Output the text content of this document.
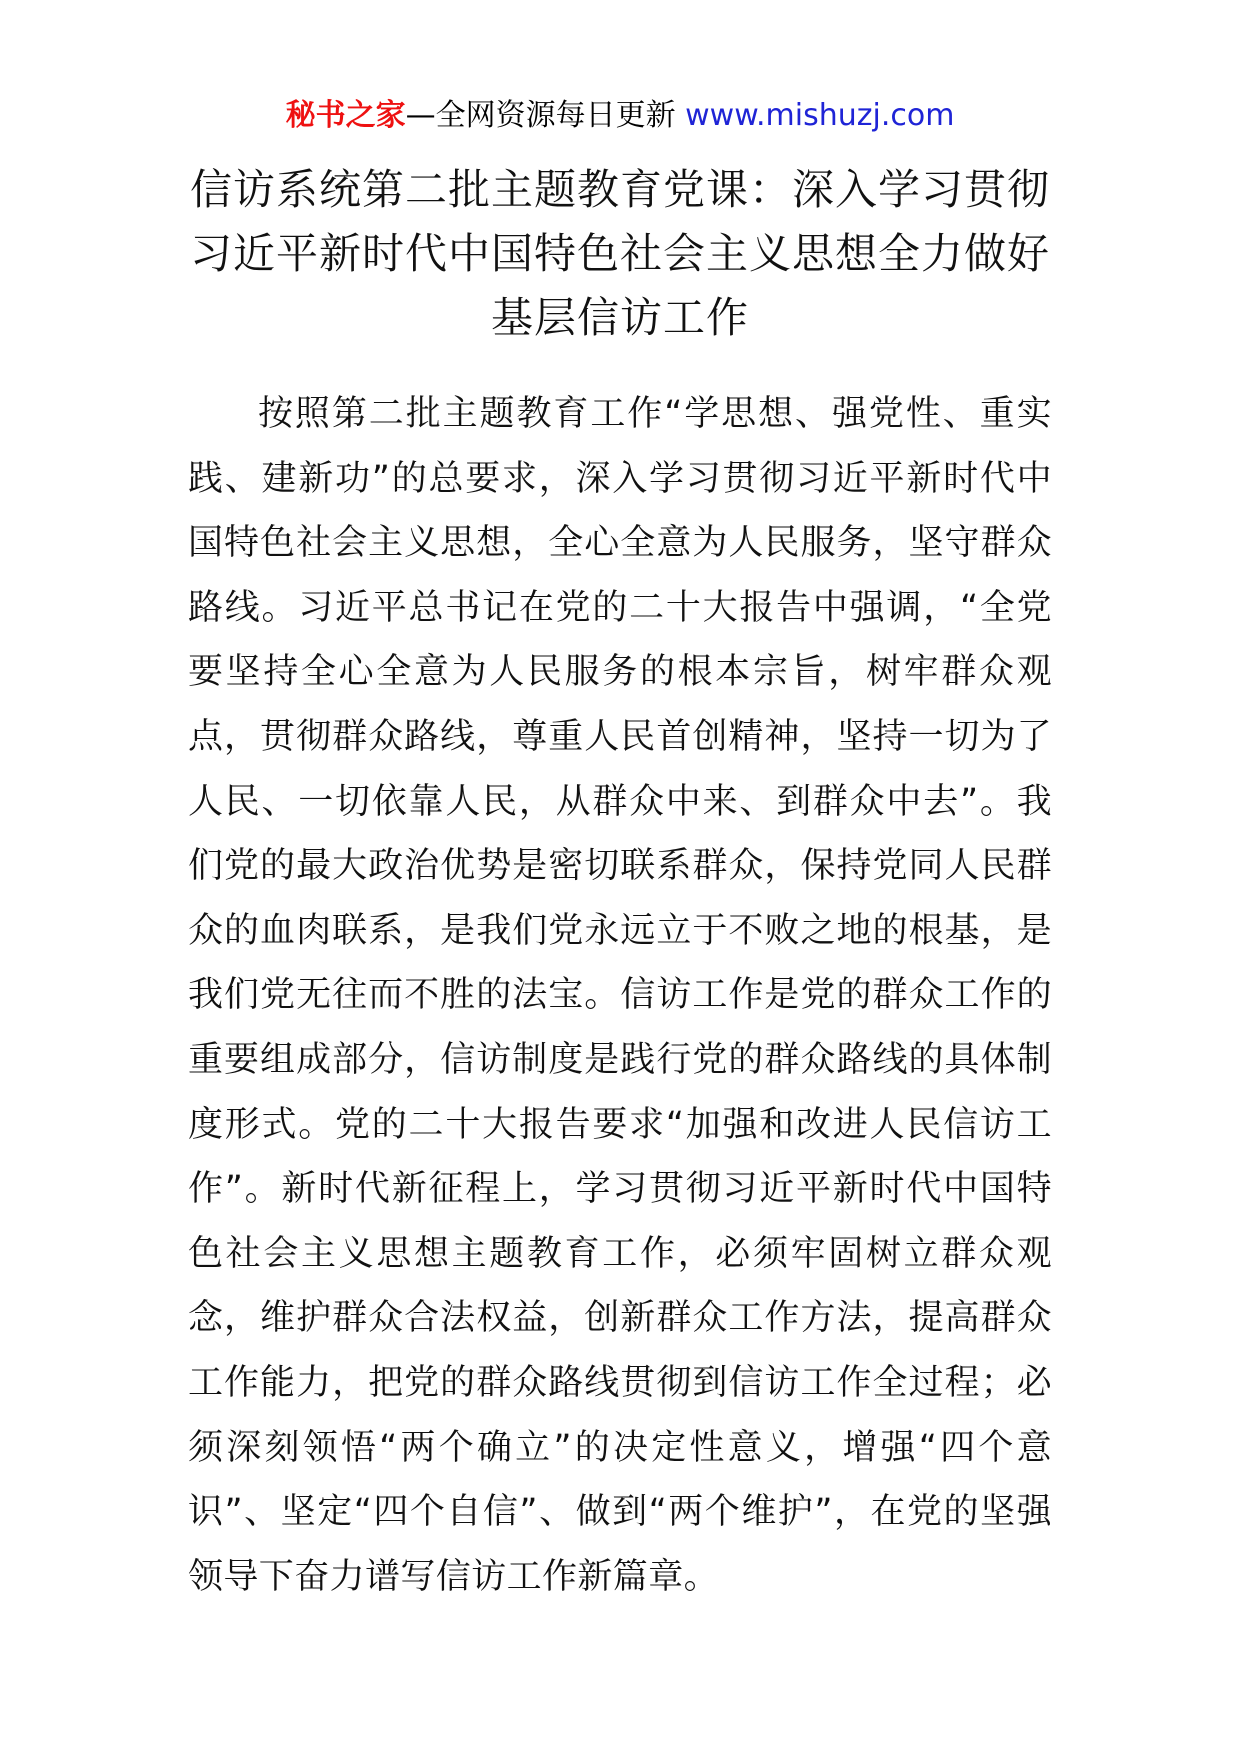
秘书之家—全网资源每日更新 www.mishuzj.com
信访系统第二批主题教育党课：深入学习贯彻习近平新时代中国特色社会主义思想全力做好基层信访工作

按照第二批主题教育工作“学思想、强党性、重实践、建新功”的总要求，深入学习贯彻习近平新时代中国特色社会主义思想，全心全意为人民服务，坚守群众路线。习近平总书记在党的二十大报告中强调，“全党要坚持全心全意为人民服务的根本宗旨，树牢群众观点，贯彻群众路线，尊重人民首创精神，坚持一切为了人民、一切依靠人民，从群众中来、到群众中去”。我们党的最大政治优势是密切联系群众，保持党同人民群众的血肉联系，是我们党永远立于不败之地的根基，是我们党无往而不胜的法宝。信访工作是党的群众工作的重要组成部分，信访制度是践行党的群众路线的具体制度形式。党的二十大报告要求“加强和改进人民信访工作”。新时代新征程上，学习贯彻习近平新时代中国特色社会主义思想主题教育工作，必须牢固树立群众观念，维护群众合法权益，创新群众工作方法，提高群众工作能力，把党的群众路线贯彻到信访工作全过程；必须深刻领悟“两个确立”的决定性意义，增强“四个意识”、坚定“四个自信”、做到“两个维护”，在党的坚强领导下奋力谱写信访工作新篇章。
